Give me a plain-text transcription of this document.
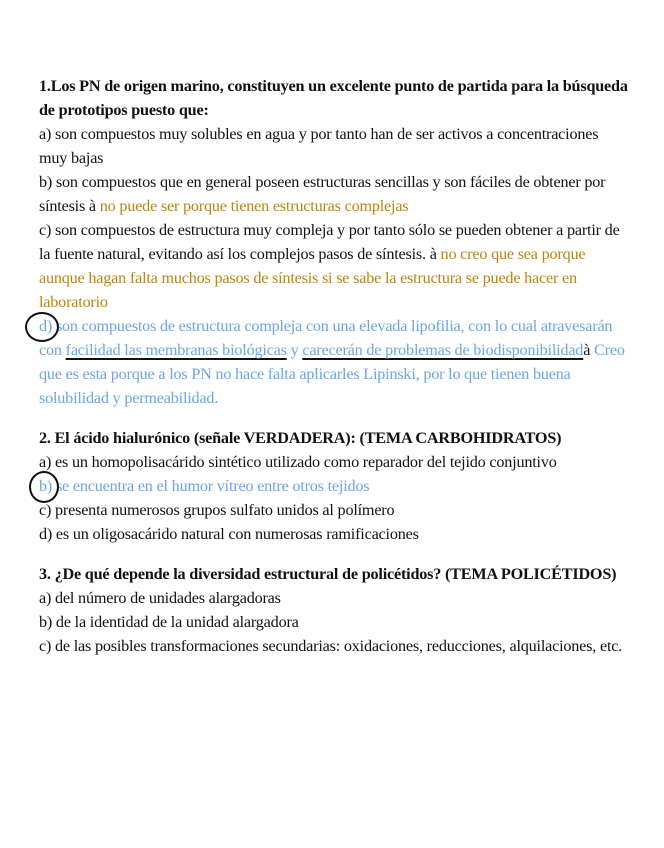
1.Los PN de origen marino, constituyen un excelente punto de partida para la búsqueda de prototipos puesto que:

a) son compuestos muy solubles en agua y por tanto han de ser activos a concentraciones muy bajas

b) son compuestos que en general poseen estructuras sencillas y son fáciles de obtener por síntesis à no puede ser porque tienen estructuras complejas

c) son compuestos de estructura muy compleja y por tanto sólo se pueden obtener a partir de la fuente natural, evitando así los complejos pasos de síntesis. à no creo que sea porque aunque hagan falta muchos pasos de síntesis si se sabe la estructura se puede hacer en laboratorio

d) son compuestos de estructura compleja con una elevada lipofilia, con lo cual atravesarán con facilidad las membranas biológicas y carecerán de problemas de biodisponibilidadà Creo que es esta porque a los PN no hace falta aplicarles Lipinski, por lo que tienen buena solubilidad y permeabilidad.

2. El ácido hialurónico (señale VERDADERA): (TEMA CARBOHIDRATOS)

a) es un homopolisacárido sintético utilizado como reparador del tejido conjuntivo

b) se encuentra en el humor vítreo entre otros tejidos

c) presenta numerosos grupos sulfato unidos al polímero

d) es un oligosacárido natural con numerosas ramificaciones

3. ¿De qué depende la diversidad estructural de policétidos? (TEMA POLICÉTIDOS)

a) del número de unidades alargadoras

b) de la identidad de la unidad alargadora

c) de las posibles transformaciones secundarias: oxidaciones, reducciones, alquilaciones, etc.
